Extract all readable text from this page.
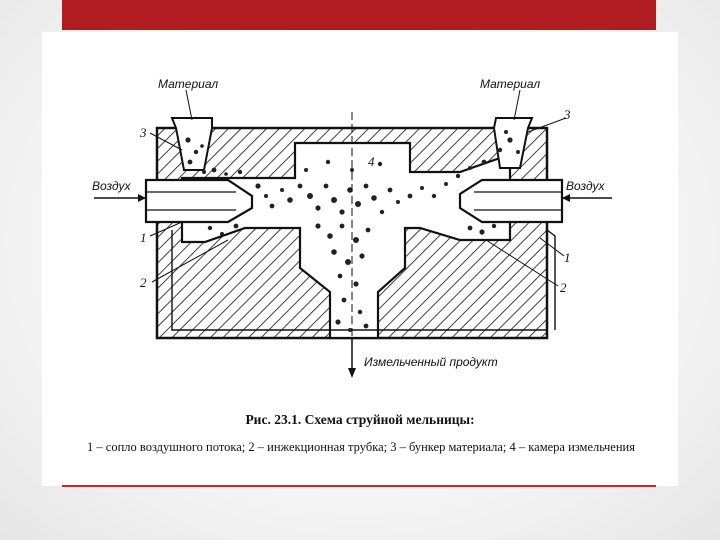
Материал	Материал
Воздух	Воздух
Измельченный продукт
3
3
4
1
2
1
2
Рис. 23.1. Схема струйной мельницы:
1 – сопло воздушного потока; 2 – инжекционная трубка; 3 – бункер материала; 4 – камера измельчения
